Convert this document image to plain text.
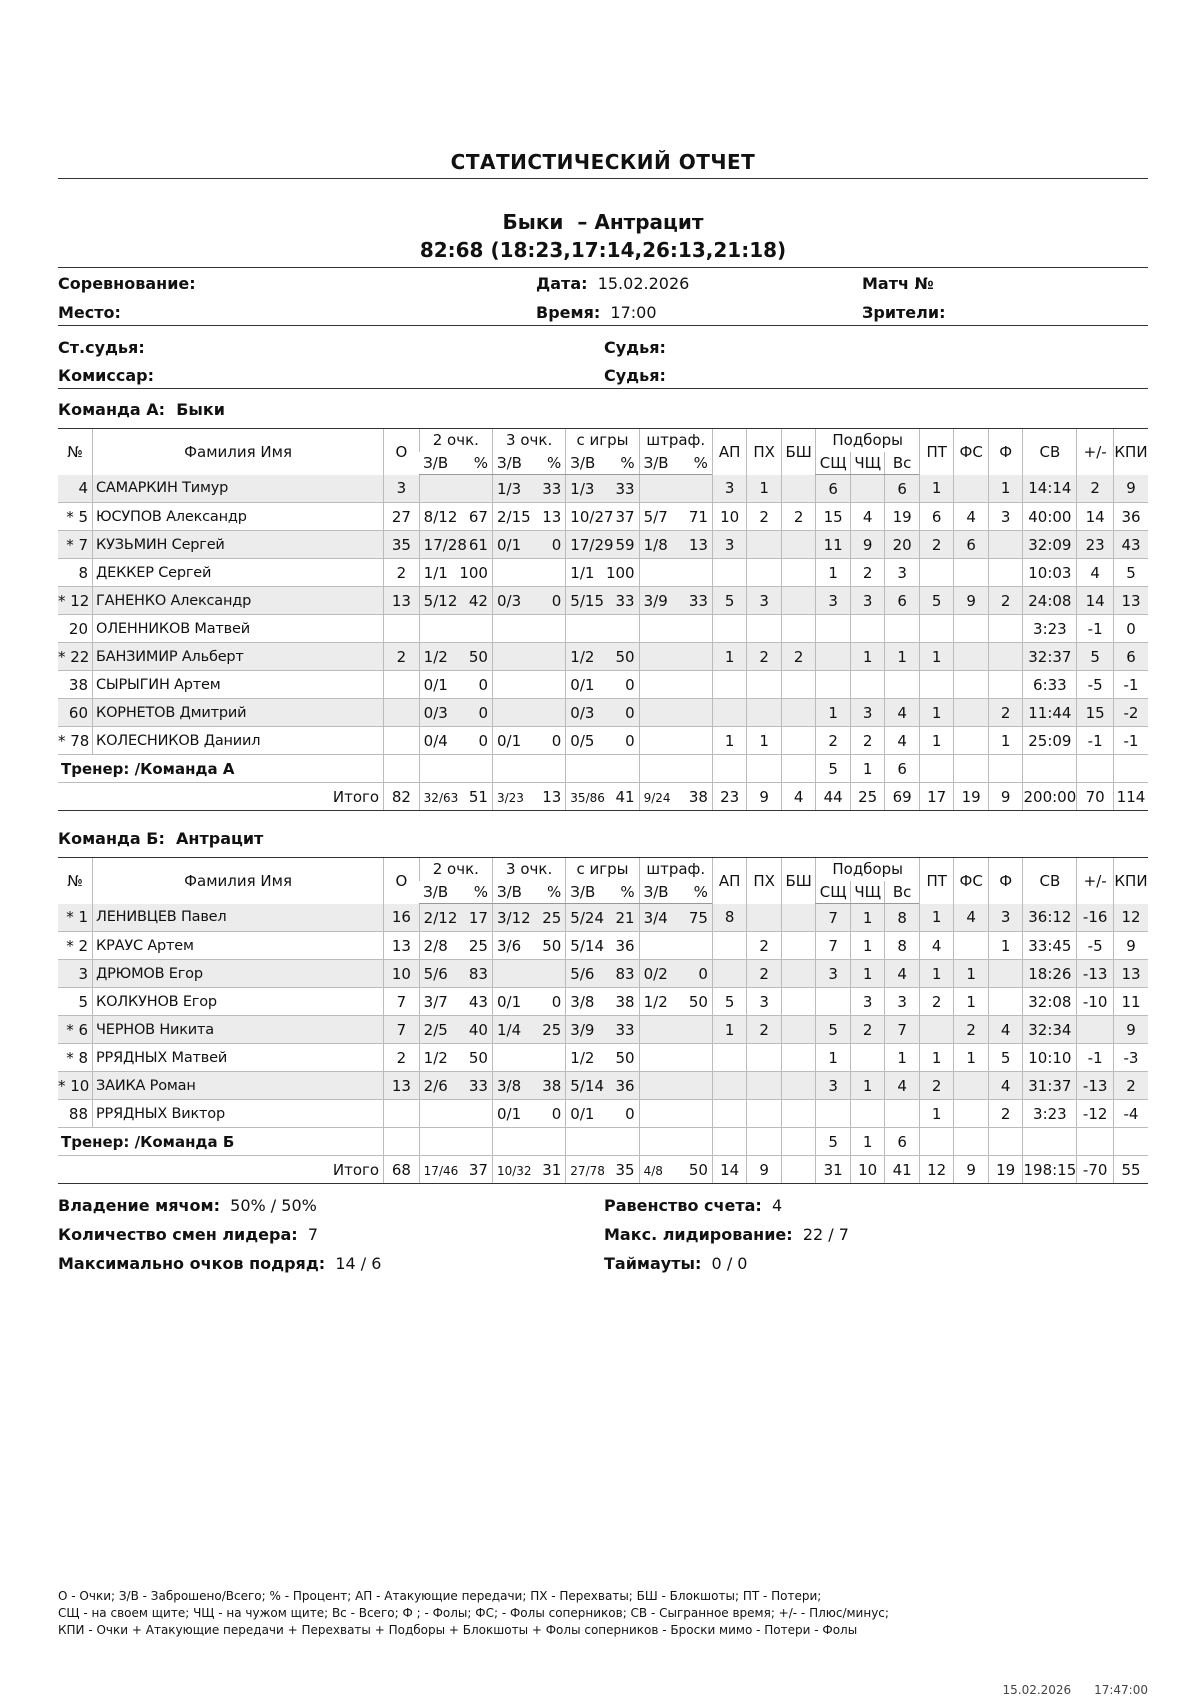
СТАТИСТИЧЕСКИЙ ОТЧЕТ
Быки  – Антрацит
82:68 (18:23,17:14,26:13,21:18)
Соревнование:	Дата: 15.02.2026	Матч №
Место:	Время: 17:00	Зрители:
Ст.судья:	Судья:
Комиссар:	Судья:
Команда А:  Быки
№	Фамилия Имя	О	2 очк.	3 очк.	с игры	штраф.	АП	ПХ	БШ	Подборы			ПТ	ФС	Ф	СВ	+/-	КПИ

			З/В %	З/В %	З/В %	З/В %				СЩ	ЧЩ	Вс						
4	САМАРКИН Тимур	3		1/3 33	1/3 33		3	1		6		6	1		1	14:14	2	9
* 5	ЮСУПОВ Александр	27	8/12 67	2/15 13	10/27 37	5/7 71	10	2	2	15	4	19	6	4	3	40:00	14	36
* 7	КУЗЬМИН Сергей	35	17/28 61	0/1 0	17/29 59	1/8 13	3			11	9	20	2	6		32:09	23	43
8	ДЕККЕР Сергей	2	1/1 100		1/1 100					1	2	3				10:03	4	5
* 12	ГАНЕНКО Александр	13	5/12 42	0/3 0	5/15 33	3/9 33	5	3		3	3	6	5	9	2	24:08	14	13
20	ОЛЕННИКОВ Матвей															3:23	-1	0
* 22	БАНЗИМИР Альберт	2	1/2 50		1/2 50		1	2	2		1	1	1			32:37	5	6
38	СЫРЫГИН Артем		0/1 0		0/1 0											6:33	-5	-1
60	КОРНЕТОВ Дмитрий		0/3 0		0/3 0					1	3	4	1		2	11:44	15	-2
* 78	КОЛЕСНИКОВ Даниил		0/4 0	0/1 0	0/5 0		1	1		2	2	4	1		1	25:09	-1	-1
Тренер: /Команда А										5	1	6						
Итого		82	32/63 51	3/23 13	35/86 41	9/24 38	23	9	4	44	25	69	17	19	9	200:00	70	114
Команда Б:  Антрацит
№	Фамилия Имя	О	2 очк.	3 очк.	с игры	штраф.	АП	ПХ	БШ	Подборы			ПТ	ФС	Ф	СВ	+/-	КПИ

			З/В %	З/В %	З/В %	З/В %				СЩ	ЧЩ	Вс						
* 1	ЛЕНИВЦЕВ Павел	16	2/12 17	3/12 25	5/24 21	3/4 75	8			7	1	8	1	4	3	36:12	-16	12
* 2	КРАУС Артем	13	2/8 25	3/6 50	5/14 36			2		7	1	8	4		1	33:45	-5	9
3	ДРЮМОВ Егор	10	5/6 83		5/6 83	0/2 0		2		3	1	4	1	1		18:26	-13	13
5	КОЛКУНОВ Егор	7	3/7 43	0/1 0	3/8 38	1/2 50	5	3			3	3	2	1		32:08	-10	11
* 6	ЧЕРНОВ Никита	7	2/5 40	1/4 25	3/9 33		1	2		5	2	7		2	4	32:34		9
* 8	РРЯДНЫХ Матвей	2	1/2 50		1/2 50					1		1	1	1	5	10:10	-1	-3
* 10	ЗАИКА Роман	13	2/6 33	3/8 38	5/14 36					3	1	4	2		4	31:37	-13	2
88	РРЯДНЫХ Виктор			0/1 0	0/1 0								1		2	3:23	-12	-4
Тренер: /Команда Б										5	1	6						
Итого		68	17/46 37	10/32 31	27/78 35	4/8 50	14	9		31	10	41	12	9	19	198:15	-70	55
Владение мячом: 50% / 50%	Равенство счета: 4
Количество смен лидера: 7	Макс. лидирование: 22 / 7
Максимально очков подряд: 14 / 6	Таймауты: 0 / 0
О - Очки; З/В - Заброшено/Всего; % - Процент; АП - Атакующие передачи; ПХ - Перехваты; БШ - Блокшоты; ПТ - Потери;
СЩ - на своем щите; ЧЩ - на чужом щите; Вс - Всего; Ф ; - Фолы; ФС; - Фолы соперников; СВ - Сыгранное время; +/- - Плюс/минус;
КПИ - Очки + Атакующие передачи + Перехваты + Подборы + Блокшоты + Фолы соперников - Броски мимо - Потери - Фолы
15.02.2026 17:47:00
